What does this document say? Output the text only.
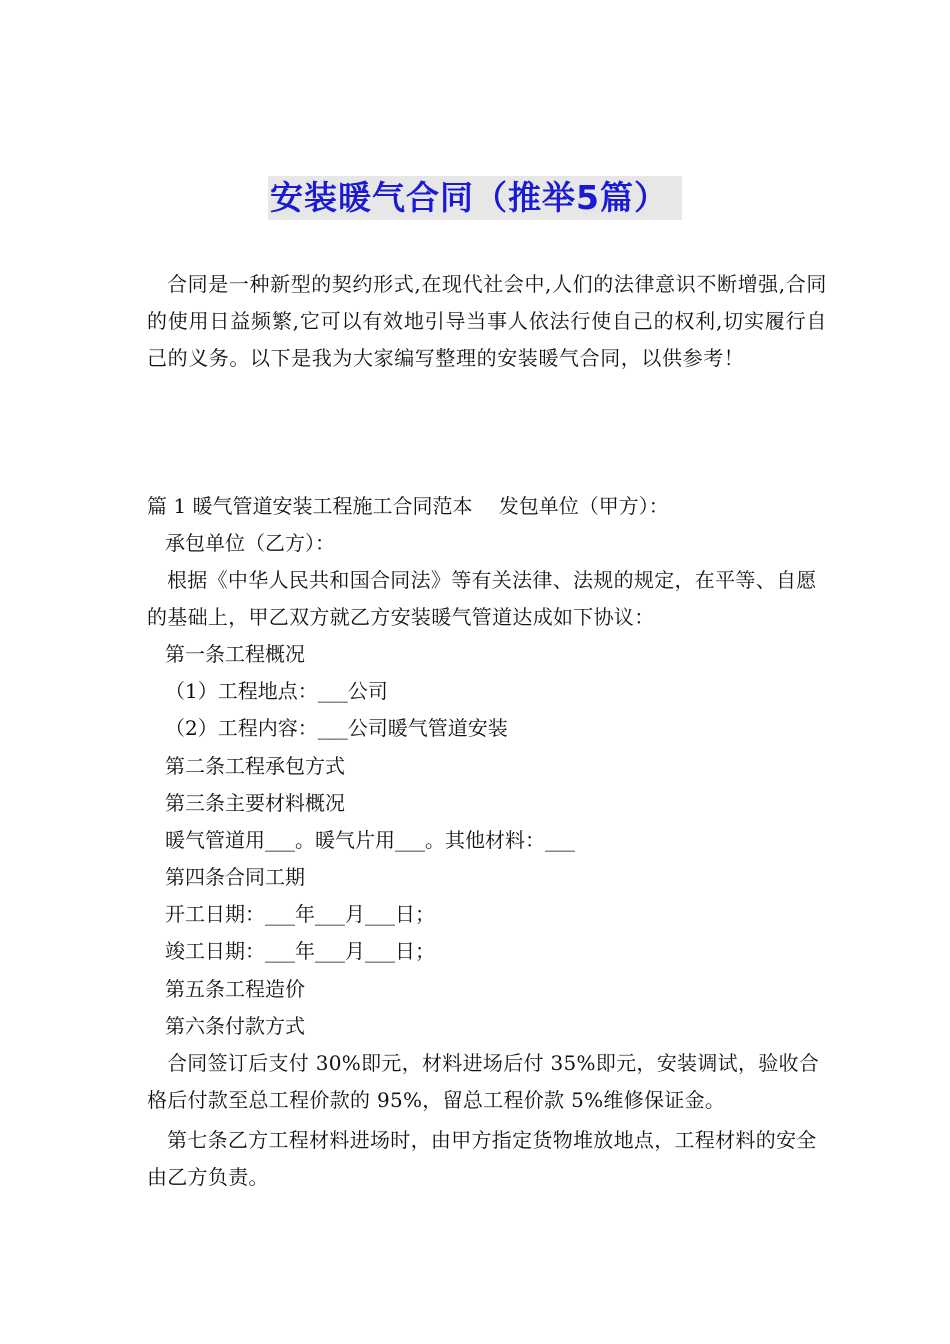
安装暖气合同（推举5篇）
合同是一种新型的契约形式,在现代社会中,人们的法律意识不断增强,合同的使用日益频繁,它可以有效地引导当事人依法行使自己的权利,切实履行自己的义务。以下是我为大家编写整理的安装暖气合同，以供参考！
篇 1 暖气管道安装工程施工合同范本　 发包单位（甲方）：
承包单位（乙方）：
根据《中华人民共和国合同法》等有关法律、法规的规定，在平等、自愿的基础上，甲乙双方就乙方安装暖气管道达成如下协议：
第一条工程概况
（1）工程地点：___公司
（2）工程内容：___公司暖气管道安装
第二条工程承包方式
第三条主要材料概况
暖气管道用___。暖气片用___。其他材料：___
第四条合同工期
开工日期：___年___月___日；
竣工日期：___年___月___日；
第五条工程造价
第六条付款方式
合同签订后支付 30%即元，材料进场后付 35%即元，安装调试，验收合格后付款至总工程价款的 95%，留总工程价款 5%维修保证金。
第七条乙方工程材料进场时，由甲方指定货物堆放地点，工程材料的安全由乙方负责。
